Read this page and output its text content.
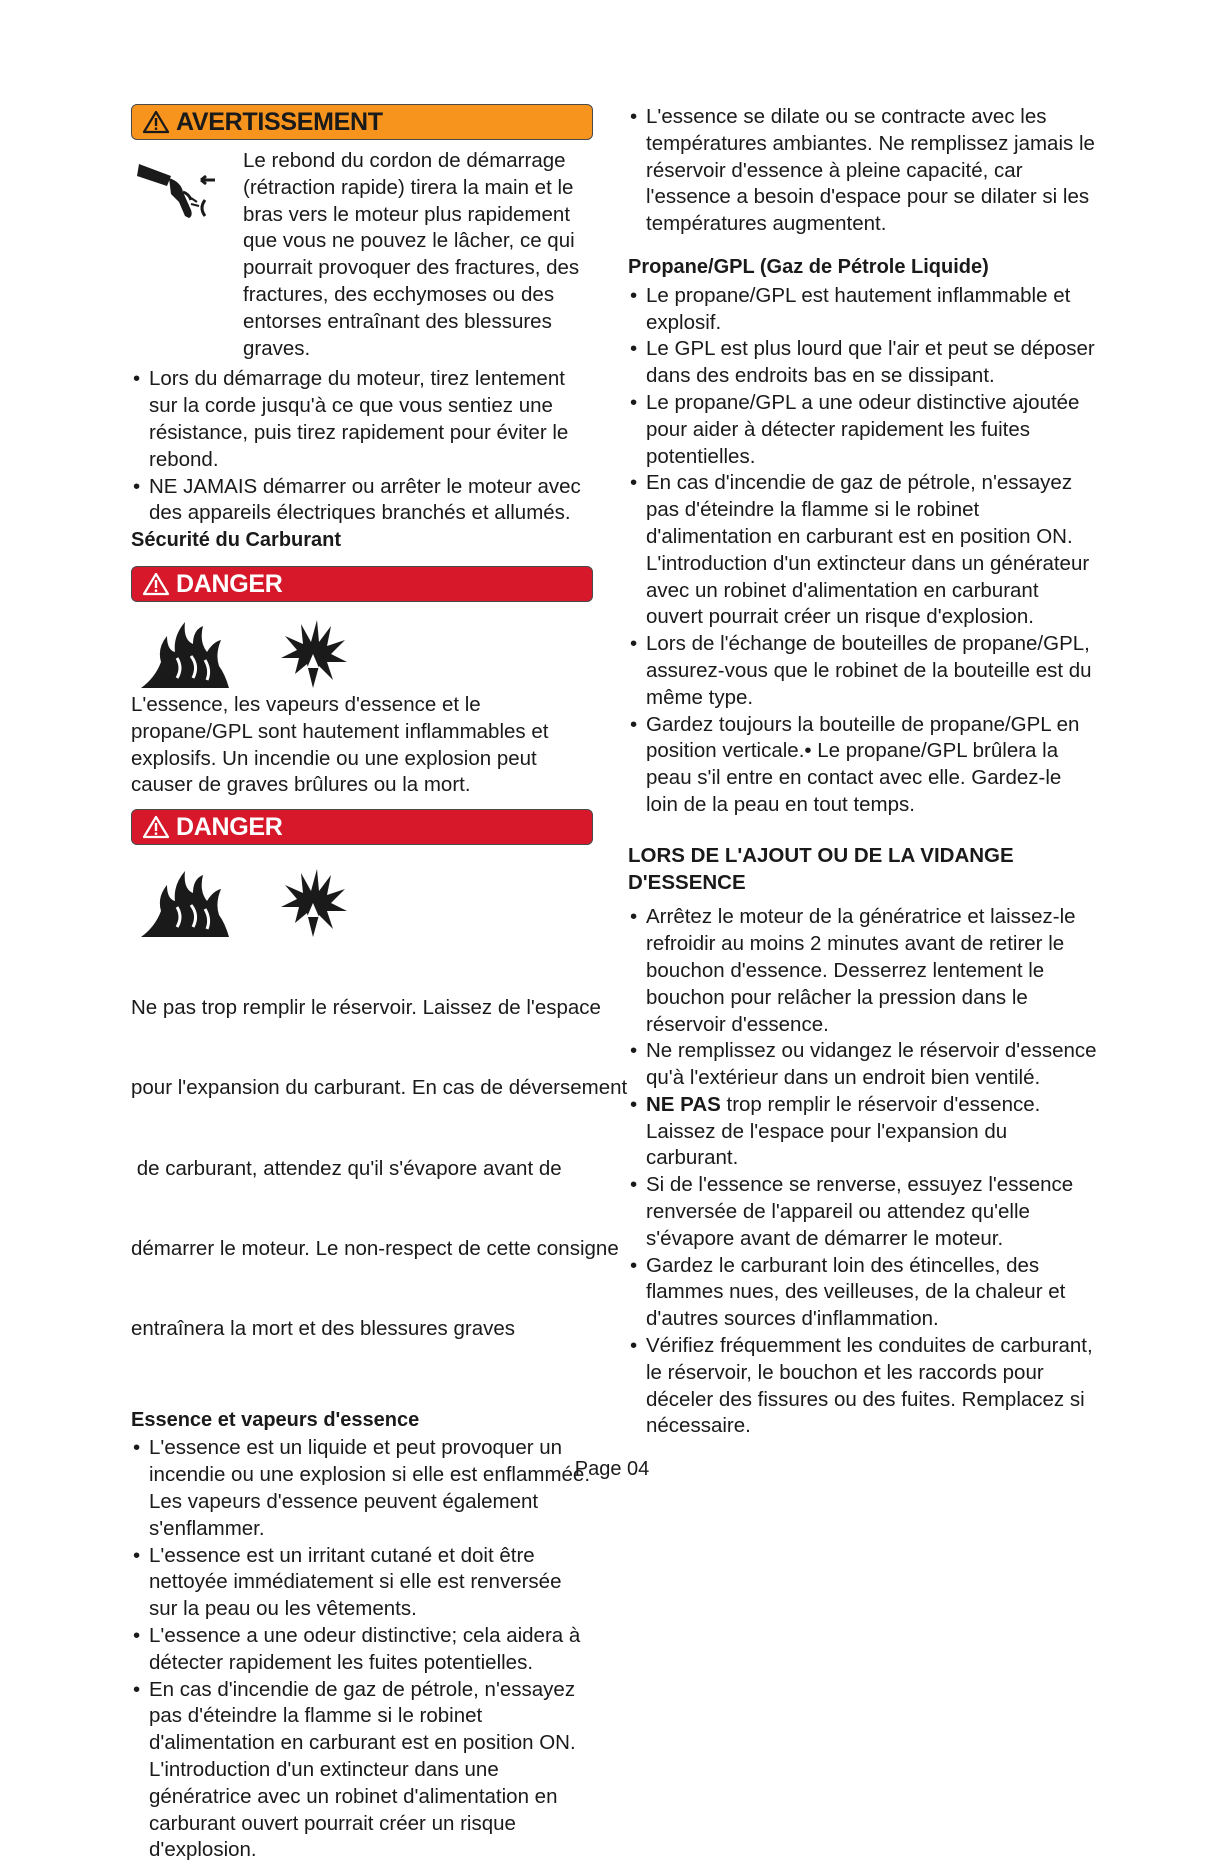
AVERTISSEMENT
Le rebond du cordon de démarrage (rétraction rapide) tirera la main et le bras vers le moteur plus rapidement que vous ne pouvez le lâcher, ce qui pourrait provoquer des fractures, des fractures, des ecchymoses ou des entorses entraînant des blessures graves.
• Lors du démarrage du moteur, tirez lentement sur la corde jusqu'à ce que vous sentiez une résistance, puis tirez rapidement pour éviter le rebond.
• NE JAMAIS démarrer ou arrêter le moteur avec des appareils électriques branchés et allumés.
Sécurité du Carburant
DANGER
L'essence, les vapeurs d'essence et le propane/GPL sont hautement inflammables et explosifs. Un incendie ou une explosion peut causer de graves brûlures ou la mort.
DANGER

Ne pas trop remplir le réservoir. Laissez de l'espace

pour l'expansion du carburant. En cas de déversement

de carburant, attendez qu'il s'évapore avant de

démarrer le moteur. Le non-respect de cette consigne

entraînera la mort et des blessures graves

Essence et vapeurs d'essence
• L'essence est un liquide et peut provoquer un incendie ou une explosion si elle est enflammée. Les vapeurs d'essence peuvent également s'enflammer.
• L'essence est un irritant cutané et doit être nettoyée immédiatement si elle est renversée sur la peau ou les vêtements.
• L'essence a une odeur distinctive; cela aidera à détecter rapidement les fuites potentielles.
• En cas d'incendie de gaz de pétrole, n'essayez pas d'éteindre la flamme si le robinet d'alimentation en carburant est en position ON. L'introduction d'un extincteur dans une génératrice avec un robinet d'alimentation en carburant ouvert pourrait créer un risque d'explosion.
• L'essence se dilate ou se contracte avec les températures ambiantes. Ne remplissez jamais le réservoir d'essence à pleine capacité, car l'essence a besoin d'espace pour se dilater si les températures augmentent.
Propane/GPL (Gaz de Pétrole Liquide)
• Le propane/GPL est hautement inflammable et explosif.
• Le GPL est plus lourd que l'air et peut se déposer dans des endroits bas en se dissipant.
• Le propane/GPL a une odeur distinctive ajoutée pour aider à détecter rapidement les fuites potentielles.
• En cas d'incendie de gaz de pétrole, n'essayez pas d'éteindre la flamme si le robinet d'alimentation en carburant est en position ON. L'introduction d'un extincteur dans un générateur avec un robinet d'alimentation en carburant ouvert pourrait créer un risque d'explosion.
• Lors de l'échange de bouteilles de propane/GPL, assurez-vous que le robinet de la bouteille est du même type.
• Gardez toujours la bouteille de propane/GPL en position verticale.• Le propane/GPL brûlera la peau s'il entre en contact avec elle. Gardez-le loin de la peau en tout temps.
LORS DE L'AJOUT OU DE LA VIDANGE D'ESSENCE
• Arrêtez le moteur de la génératrice et laissez-le refroidir au moins 2 minutes avant de retirer le bouchon d'essence. Desserrez lentement le bouchon pour relâcher la pression dans le réservoir d'essence.
• Ne remplissez ou vidangez le réservoir d'essence qu'à l'extérieur dans un endroit bien ventilé.
• NE PAS trop remplir le réservoir d'essence. Laissez de l'espace pour l'expansion du carburant.
• Si de l'essence se renverse, essuyez l'essence renversée de l'appareil ou attendez qu'elle s'évapore avant de démarrer le moteur.
• Gardez le carburant loin des étincelles, des flammes nues, des veilleuses, de la chaleur et d'autres sources d'inflammation.
• Vérifiez fréquemment les conduites de carburant, le réservoir, le bouchon et les raccords pour déceler des fissures ou des fuites. Remplacez si nécessaire.
Page 04
